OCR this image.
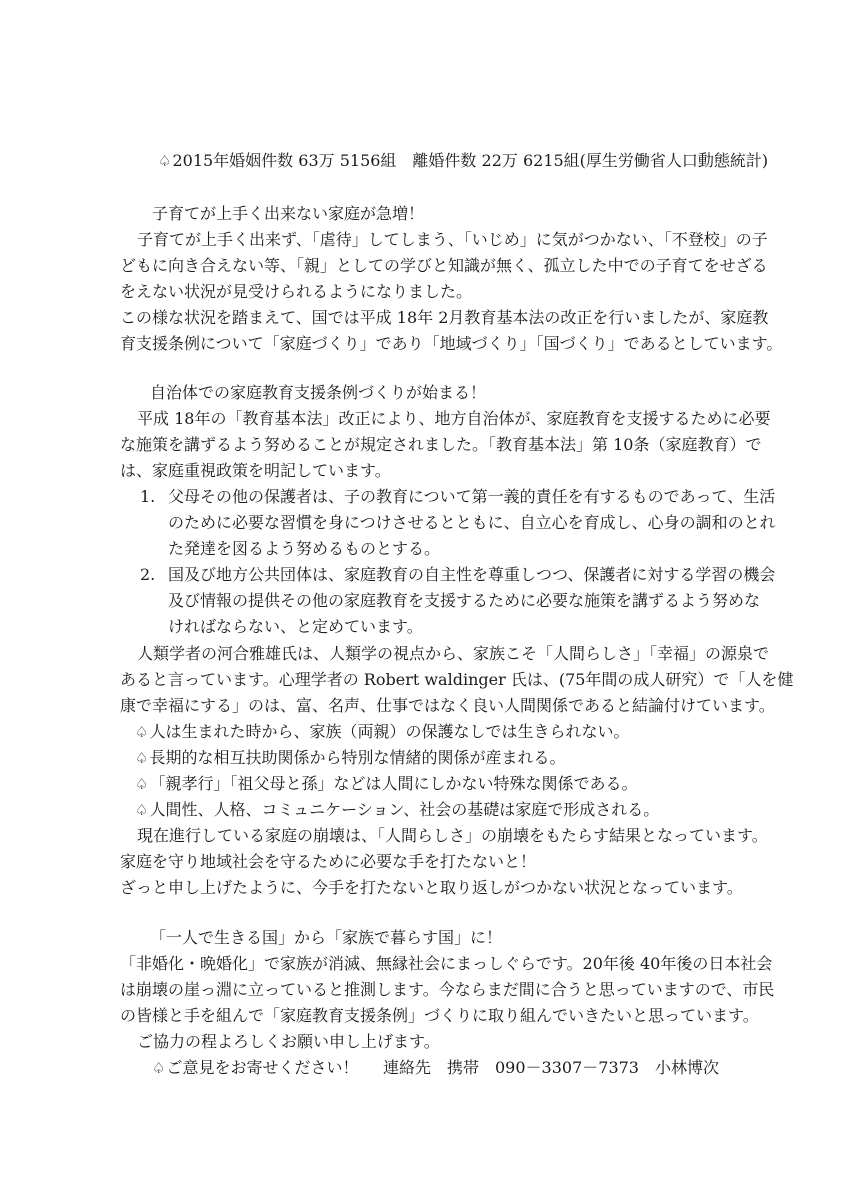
♤2015年婚姻件数 63万 5156組　離婚件数 22万 6215組(厚生労働省人口動態統計)
子育てが上手く出来ない家庭が急増！
子育てが上手く出来ず、「虐待」してしまう、「いじめ」に気がつかない、「不登校」の子
どもに向き合えない等、「親」としての学びと知識が無く、孤立した中での子育てをせざる
をえない状況が見受けられるようになりました。
この様な状況を踏まえて、国では平成 18年 2月教育基本法の改正を行いましたが、家庭教
育支援条例について「家庭づくり」であり「地域づくり」「国づくり」であるとしています。
自治体での家庭教育支援条例づくりが始まる！
平成 18年の「教育基本法」改正により、地方自治体が、家庭教育を支援するために必要
な施策を講ずるよう努めることが規定されました。「教育基本法」第 10条（家庭教育）で
は、家庭重視政策を明記しています。
1. 父母その他の保護者は、子の教育について第一義的責任を有するものであって、生活
のために必要な習慣を身につけさせるとともに、自立心を育成し、心身の調和のとれ
た発達を図るよう努めるものとする。
2. 国及び地方公共団体は、家庭教育の自主性を尊重しつつ、保護者に対する学習の機会
及び情報の提供その他の家庭教育を支援するために必要な施策を講ずるよう努めな
ければならない、と定めています。
人類学者の河合雅雄氏は、人類学の視点から、家族こそ「人間らしさ」「幸福」の源泉で
あると言っています。心理学者の Robert waldinger 氏は、(75年間の成人研究）で「人を健
康で幸福にする」のは、富、名声、仕事ではなく良い人間関係であると結論付けています。
♤人は生まれた時から、家族（両親）の保護なしでは生きられない。
♤長期的な相互扶助関係から特別な情緒的関係が産まれる。
♤「親孝行」「祖父母と孫」などは人間にしかない特殊な関係である。
♤人間性、人格、コミュニケーション、社会の基礎は家庭で形成される。
現在進行している家庭の崩壊は、「人間らしさ」の崩壊をもたらす結果となっています。
家庭を守り地域社会を守るために必要な手を打たないと！
ざっと申し上げたように、今手を打たないと取り返しがつかない状況となっています。
「一人で生きる国」から「家族で暮らす国」に！
「非婚化・晩婚化」で家族が消滅、無縁社会にまっしぐらです。20年後 40年後の日本社会
は崩壊の崖っ淵に立っていると推測します。今ならまだ間に合うと思っていますので、市民
の皆様と手を組んで「家庭教育支援条例」づくりに取り組んでいきたいと思っています。
ご協力の程よろしくお願い申し上げます。
♤ご意見をお寄せください！ 連絡先　携帯　090－3307－7373　小林博次
